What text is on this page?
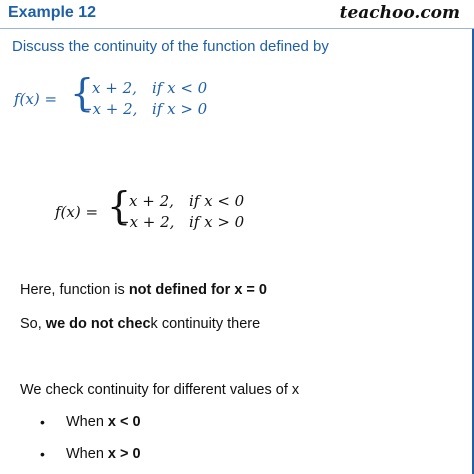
Example 12	teachoo.com
Discuss the continuity of the function defined by
f(x) = {
x + 2, if x < 0
−x + 2, if x > 0
f(x) = {
x + 2, if x < 0
−x + 2, if x > 0
Here, function is not defined for x = 0
So, we do not check continuity there
We check continuity for different values of x
• When x < 0
• When x > 0
